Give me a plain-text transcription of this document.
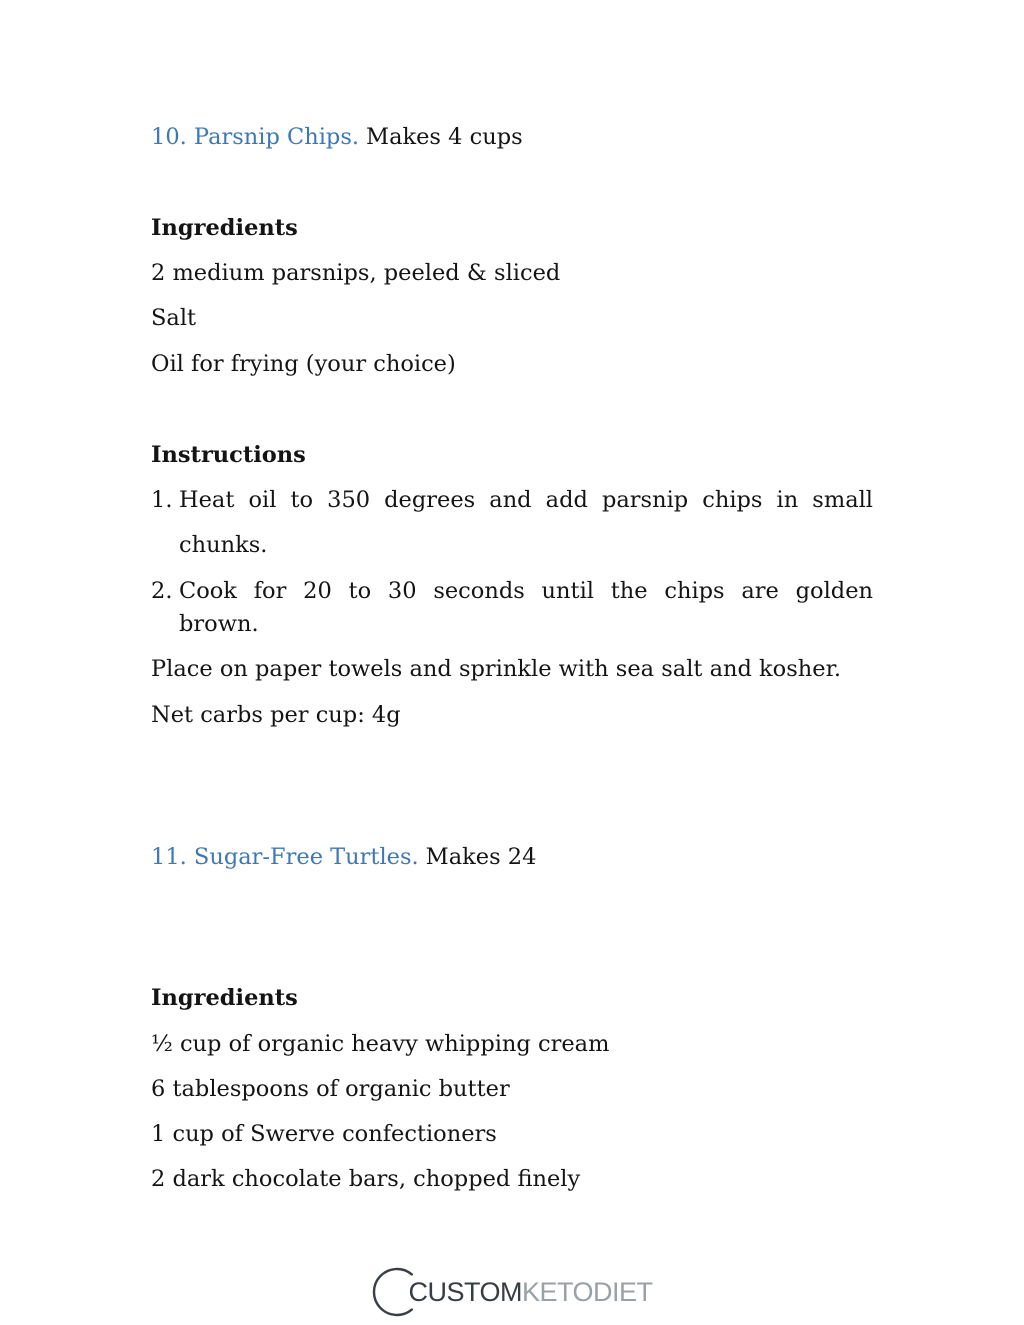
10. Parsnip Chips. Makes 4 cups
Ingredients
2 medium parsnips, peeled & sliced
Salt
Oil for frying (your choice)
Instructions
1. Heat oil to 350 degrees and add parsnip chips in small
chunks.
2. Cook for 20 to 30 seconds until the chips are golden
brown.
Place on paper towels and sprinkle with sea salt and kosher.
Net carbs per cup: 4g
11. Sugar-Free Turtles. Makes 24
Ingredients
½ cup of organic heavy whipping cream
6 tablespoons of organic butter
1 cup of Swerve confectioners
2 dark chocolate bars, chopped finely
CUSTOMKETODIET
